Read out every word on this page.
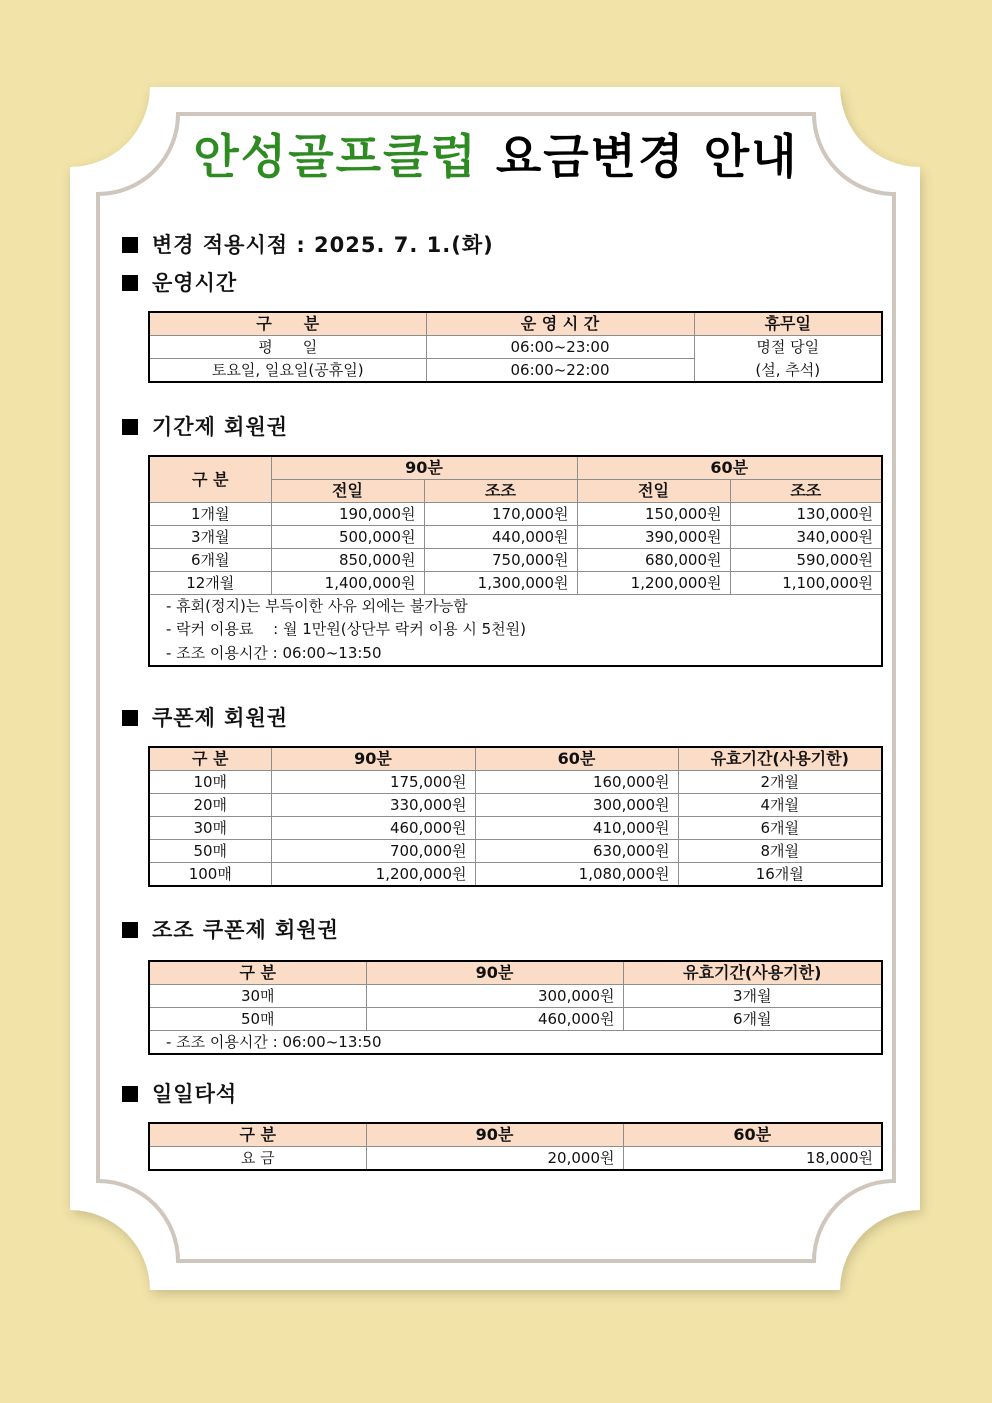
안성골프클럽 요금변경 안내
변경 적용시점 : 2025. 7. 1.(화)
운영시간
구　　분	운 영 시 간	휴무일
평　　일	06:00~23:00	명절 당일
토요일, 일요일(공휴일)	06:00~22:00	(설, 추석)
기간제 회원권
구 분	90분		60분	
	전일	조조	전일	조조
1개월	190,000원	170,000원	150,000원	130,000원
3개월	500,000원	440,000원	390,000원	340,000원
6개월	850,000원	750,000원	680,000원	590,000원
12개월	1,400,000원	1,300,000원	1,200,000원	1,100,000원
- 휴회(정지)는 부득이한 사유 외에는 불가능함				
- 락커 이용료　 : 월 1만원(상단부 락커 이용 시 5천원)				
- 조조 이용시간 : 06:00~13:50				
쿠폰제 회원권
구 분	90분	60분	유효기간(사용기한)
10매	175,000원	160,000원	2개월
20매	330,000원	300,000원	4개월
30매	460,000원	410,000원	6개월
50매	700,000원	630,000원	8개월
100매	1,200,000원	1,080,000원	16개월
조조 쿠폰제 회원권
구 분	90분	유효기간(사용기한)
30매	300,000원	3개월
50매	460,000원	6개월
- 조조 이용시간 : 06:00~13:50		
일일타석
구 분	90분	60분
요 금	20,000원	18,000원
